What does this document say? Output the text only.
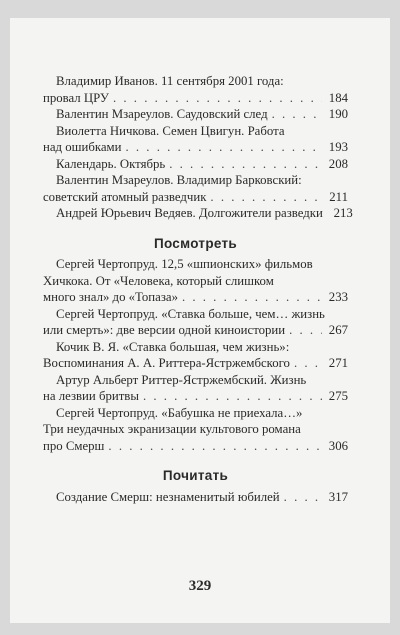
Владимир Иванов. 11 сентября 2001 года:
провал ЦРУ . . .	184
Валентин Мзареулов. Саудовский след . . .	190
Виолетта Ничкова. Семен Цвигун. Работа
над ошибками . . .	193
Календарь. Октябрь . . .	208
Валентин Мзареулов. Владимир Барковский:
советский атомный разведчик . . .	211
Андрей Юрьевич Ведяев. Долгожители разведки 213
Посмотреть
Сергей Чертопруд. 12,5 «шпионских» фильмов
Хичкока. От «Человека, который слишком
много знал» до «Топаза» . . .	233
Сергей Чертопруд. «Ставка больше, чем… жизнь
или смерть»: две версии одной киноистории . . .	267
Кочик В. Я. «Ставка большая, чем жизнь»:
Воспоминания А. А. Риттера-Ястржембского . . .	271
Артур Альберт Риттер-Ястржембский. Жизнь
на лезвии бритвы . . .	275
Сергей Чертопруд. «Бабушка не приехала…»
Три неудачных экранизации культового романа
про Смерш . . .	306
Почитать
Создание Смерш: незнаменитый юбилей . . .	317
329
